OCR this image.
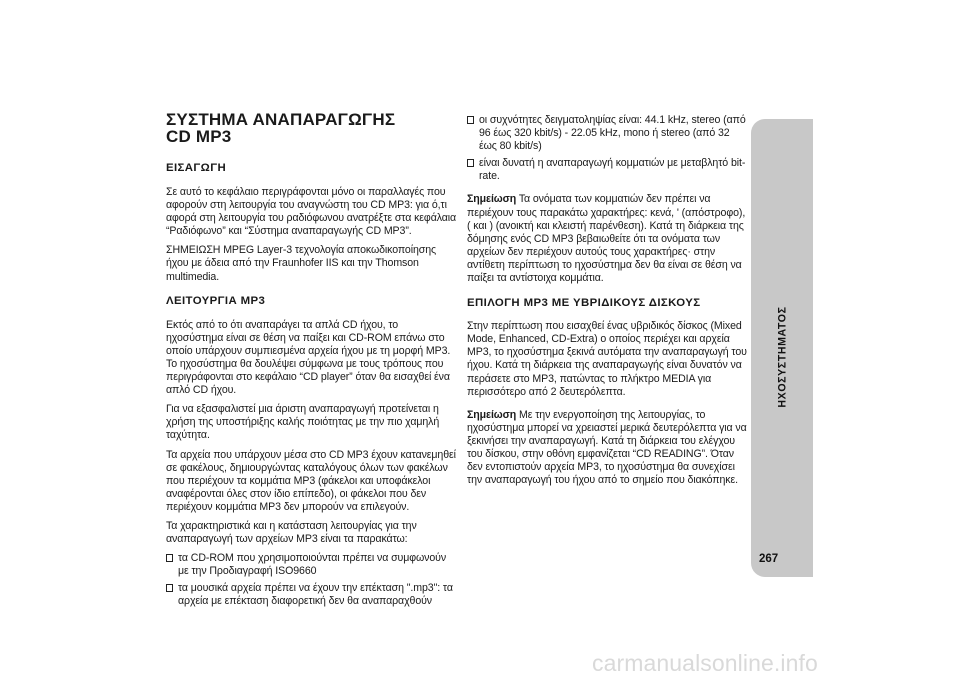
ΣΥΣΤΗΜΑ ΑΝΑΠΑΡΑΓΩΓΗΣ
CD MP3
ΕΙΣΑΓΩΓΗ

Σε αυτό το κεφάλαιο περιγράφονται μόνο οι παραλλαγές που αφορούν στη λειτουργία του αναγνώστη του CD MP3: για ό,τι αφορά στη λειτουργία του ραδιόφωνου ανατρέξτε στα κεφάλαια “Ραδιόφωνο” και “Σύστημα αναπαραγωγής CD MP3”.

ΣΗΜΕΙΩΣΗ MPEG Layer-3 τεχνολογία αποκωδικοποίησης ήχου με άδεια από την Fraunhofer IIS και την Thomson multimedia.

ΛΕΙΤΟΥΡΓΙΑ MP3

Εκτός από το ότι αναπαράγει τα απλά CD ήχου, το ηχοσύστημα είναι σε θέση να παίξει και CD-ROM επάνω στο οποίο υπάρχουν συμπιεσμένα αρχεία ήχου με τη μορφή MP3. Το ηχοσύστημα θα δουλέψει σύμφωνα με τους τρόπους που περιγράφονται στο κεφάλαιο “CD player” όταν θα εισαχθεί ένα απλό CD ήχου.

Για να εξασφαλιστεί μια άριστη αναπαραγωγή προτείνεται η χρήση της υποστήριξης καλής ποιότητας με την πιο χαμηλή ταχύτητα.

Τα αρχεία που υπάρχουν μέσα στο CD MP3 έχουν κατανεμηθεί σε φακέλους, δημιουργώντας καταλόγους όλων των φακέλων που περιέχουν τα κομμάτια MP3 (φάκελοι και υποφάκελοι αναφέρονται όλες στον ίδιο επίπεδο), οι φάκελοι που δεν περιέχουν κομμάτια MP3 δεν μπορούν να επιλεγούν.

Τα χαρακτηριστικά και η κατάσταση λειτουργίας για την αναπαραγωγή των αρχείων MP3 είναι τα παρακάτω:

τα CD-ROM που χρησιμοποιούνται πρέπει να συμφωνούν με την Προδιαγραφή ISO9660
τα μουσικά αρχεία πρέπει να έχουν την επέκταση ".mp3": τα αρχεία με επέκταση διαφορετική δεν θα αναπαραχθούν
οι συχνότητες δειγματοληψίας είναι: 44.1 kHz, stereo (από 96 έως 320 kbit/s) - 22.05 kHz, mono ή stereo (από 32 έως 80 kbit/s)
είναι δυνατή η αναπαραγωγή κομματιών με μεταβλητό bit-rate.

Σημείωση Τα ονόματα των κομματιών δεν πρέπει να περιέχουν τους παρακάτω χαρακτήρες: κενά, ' (απόστροφο), ( και ) (ανοικτή και κλειστή παρένθεση). Κατά τη διάρκεια της δόμησης ενός CD MP3 βεβαιωθείτε ότι τα ονόματα των αρχείων δεν περιέχουν αυτούς τους χαρακτήρες· στην αντίθετη περίπτωση το ηχοσύστημα δεν θα είναι σε θέση να παίξει τα αντίστοιχα κομμάτια.

ΕΠΙΛΟΓΗ MP3 ΜΕ ΥΒΡΙΔΙΚΟΥΣ ΔΙΣΚΟΥΣ

Στην περίπτωση που εισαχθεί ένας υβριδικός δίσκος (Mixed Mode, Enhanced, CD-Extra) ο οποίος περιέχει και αρχεία MP3, το ηχοσύστημα ξεκινά αυτόματα την αναπαραγωγή του ήχου. Κατά τη διάρκεια της αναπαραγωγής είναι δυνατόν να περάσετε στο MP3, πατώντας το πλήκτρο MEDIA για περισσότερο από 2 δευτερόλεπτα.

Σημείωση Με την ενεργοποίηση της λειτουργίας, το ηχοσύστημα μπορεί να χρειαστεί μερικά δευτερόλεπτα για να ξεκινήσει την αναπαραγωγή. Κατά τη διάρκεια του ελέγχου του δίσκου, στην οθόνη εμφανίζεται “CD READING”. Όταν δεν εντοπιστούν αρχεία MP3, το ηχοσύστημα θα συνεχίσει την αναπαραγωγή του ήχου από το σημείο που διακόπηκε.

ΗΧΟΣΥΣΤΗΜΑΤΟΣ
267
carmanualsonline.info
